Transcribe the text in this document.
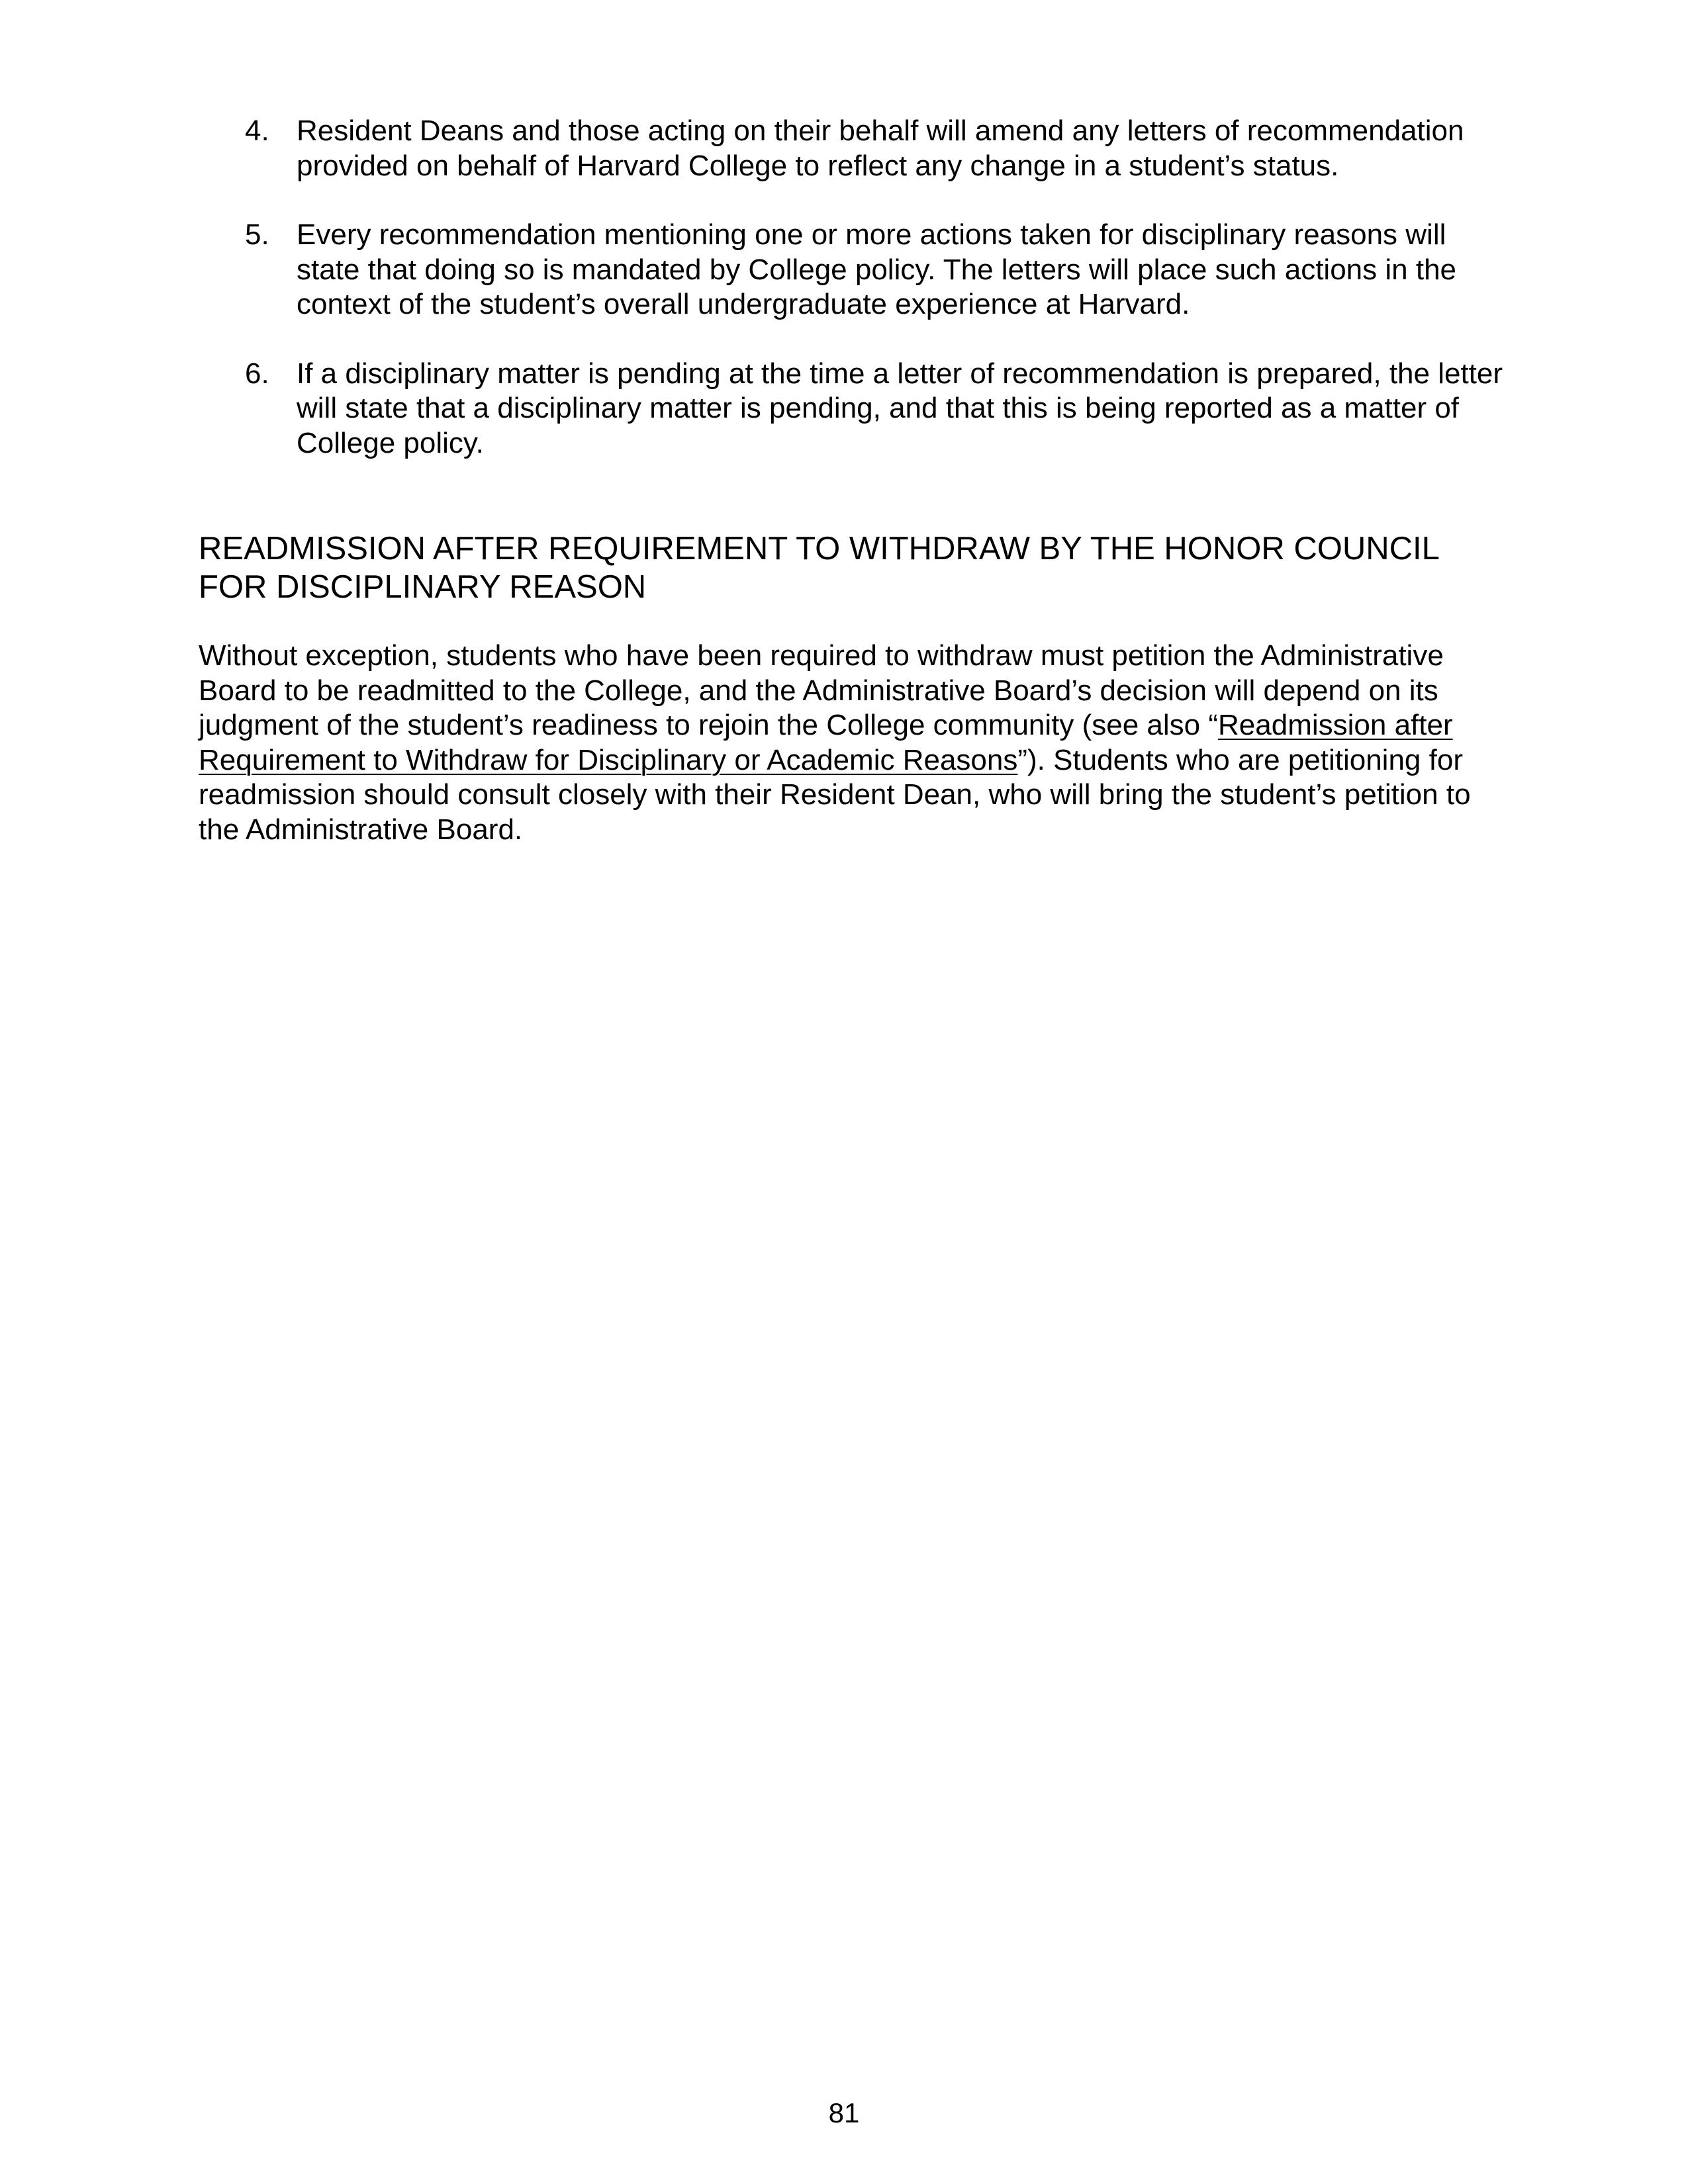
4. Resident Deans and those acting on their behalf will amend any letters of recommendation provided on behalf of Harvard College to reflect any change in a student’s status.
5. Every recommendation mentioning one or more actions taken for disciplinary reasons will state that doing so is mandated by College policy. The letters will place such actions in the context of the student’s overall undergraduate experience at Harvard.
6. If a disciplinary matter is pending at the time a letter of recommendation is prepared, the letter will state that a disciplinary matter is pending, and that this is being reported as a matter of College policy.
READMISSION AFTER REQUIREMENT TO WITHDRAW BY THE HONOR COUNCIL FOR DISCIPLINARY REASON

Without exception, students who have been required to withdraw must petition the Administrative Board to be readmitted to the College, and the Administrative Board’s decision will depend on its judgment of the student’s readiness to rejoin the College community (see also “Readmission after Requirement to Withdraw for Disciplinary or Academic Reasons”). Students who are petitioning for readmission should consult closely with their Resident Dean, who will bring the student’s petition to the Administrative Board.

81
